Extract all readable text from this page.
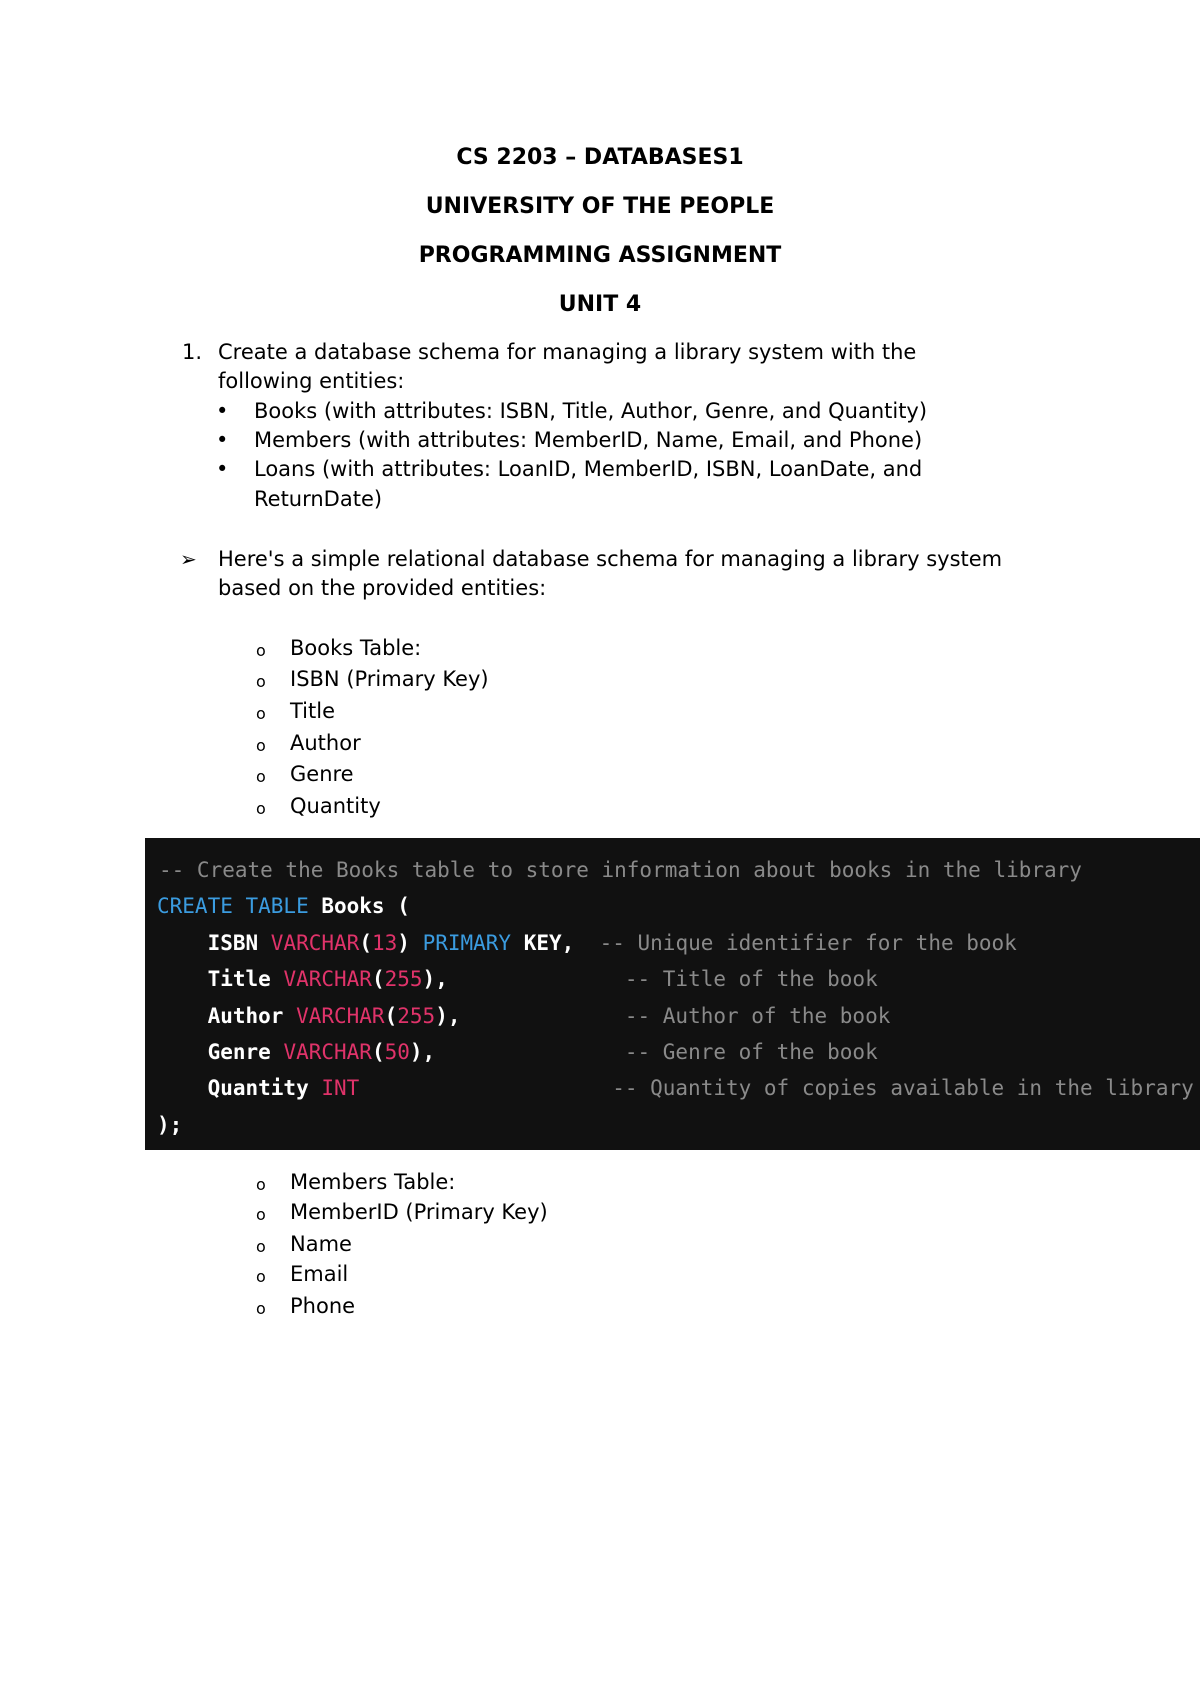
CS 2203 – DATABASES1
UNIVERSITY OF THE PEOPLE
PROGRAMMING ASSIGNMENT
UNIT 4
1. Create a database schema for managing a library system with the
following entities:
• Books (with attributes: ISBN, Title, Author, Genre, and Quantity)
• Members (with attributes: MemberID, Name, Email, and Phone)
• Loans (with attributes: LoanID, MemberID, ISBN, LoanDate, and
ReturnDate)
➢ Here's a simple relational database schema for managing a library system
based on the provided entities:
o Books Table:
o ISBN (Primary Key)
o Title
o Author
o Genre
o Quantity
-- Create the Books table to store information about books in the library
CREATE TABLE Books (
ISBN VARCHAR(13) PRIMARY KEY, -- Unique identifier for the book
Title VARCHAR(255),	-- Title of the book
Author VARCHAR(255),	-- Author of the book
Genre VARCHAR(50),	-- Genre of the book
Quantity INT	-- Quantity of copies available in the library
);
o Members Table:
o MemberID (Primary Key)
o Name
o Email
o Phone
